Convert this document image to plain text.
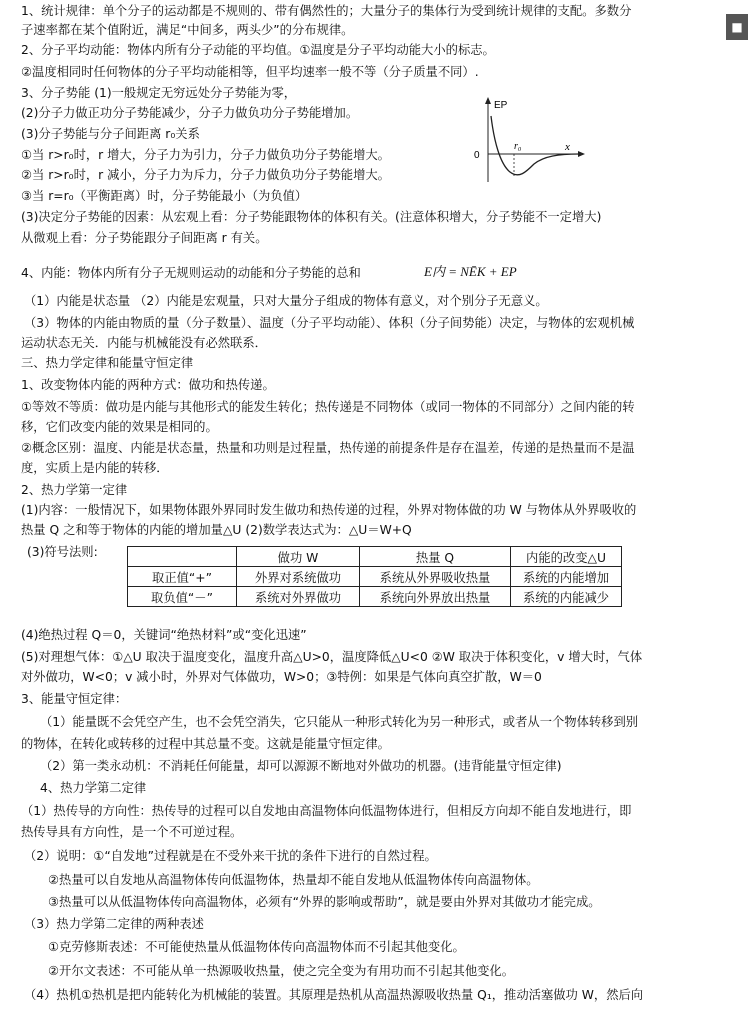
1、统计规律：单个分子的运动都是不规则的、带有偶然性的；大量分子的集体行为受到统计规律的支配。多数分
子速率都在某个值附近，满足“中间多，两头少”的分布规律。
2、分子平均动能：物体内所有分子动能的平均值。①温度是分子平均动能大小的标志。
②温度相同时任何物体的分子平均动能相等，但平均速率一般不等（分子质量不同）.
3、分子势能 (1)一般规定无穷远处分子势能为零，
(2)分子力做正功分子势能减少，分子力做负功分子势能增加。
(3)分子势能与分子间距离 r₀关系
①当 r>r₀时，r 增大，分子力为引力，分子力做负功分子势能增大。
②当 r>r₀时，r 减小，分子力为斥力，分子力做负功分子势能增大。
③当 r=r₀（平衡距离）时，分子势能最小（为负值）
(3)决定分子势能的因素：从宏观上看：分子势能跟物体的体积有关。(注意体积增大，分子势能不一定增大)
从微观上看：分子势能跟分子间距离 r 有关。
4、内能：物体内所有分子无规则运动的动能和分子势能的总和
（1）内能是状态量 （2）内能是宏观量，只对大量分子组成的物体有意义，对个别分子无意义。
（3）物体的内能由物质的量（分子数量）、温度（分子平均动能）、体积（分子间势能）决定，与物体的宏观机械
运动状态无关．内能与机械能没有必然联系．
三、热力学定律和能量守恒定律
1、改变物体内能的两种方式：做功和热传递。
①等效不等质：做功是内能与其他形式的能发生转化；热传递是不同物体（或同一物体的不同部分）之间内能的转
移，它们改变内能的效果是相同的。
②概念区别：温度、内能是状态量，热量和功则是过程量，热传递的前提条件是存在温差，传递的是热量而不是温
度，实质上是内能的转移．
2、热力学第一定律
(1)内容：一般情况下，如果物体跟外界同时发生做功和热传递的过程，外界对物体做的功 W 与物体从外界吸收的
热量 Q 之和等于物体的内能的增加量△U (2)数学表达式为：△U＝W+Q
(4)绝热过程 Q＝0，关键词“绝热材料”或“变化迅速”
(5)对理想气体：①△U 取决于温度变化，温度升高△U>0，温度降低△U<0 ②W 取决于体积变化，v 增大时，气体
对外做功，W<0；v 减小时，外界对气体做功，W>0；③特例：如果是气体向真空扩散，W＝0
3、能量守恒定律：
（1）能量既不会凭空产生，也不会凭空消失，它只能从一种形式转化为另一种形式，或者从一个物体转移到别
的物体，在转化或转移的过程中其总量不变。这就是能量守恒定律。
（2）第一类永动机：不消耗任何能量，却可以源源不断地对外做功的机器。(违背能量守恒定律)
4、热力学第二定律
（1）热传导的方向性：热传导的过程可以自发地由高温物体向低温物体进行，但相反方向却不能自发地进行，即
热传导具有方向性，是一个不可逆过程。
（2）说明：①“自发地”过程就是在不受外来干扰的条件下进行的自然过程。
②热量可以自发地从高温物体传向低温物体，热量却不能自发地从低温物体传向高温物体。
③热量可以从低温物体传向高温物体，必须有“外界的影响或帮助”，就是要由外界对其做功才能完成。
（3）热力学第二定律的两种表述
①克劳修斯表述：不可能使热量从低温物体传向高温物体而不引起其他变化。
②开尔文表述：不可能从单一热源吸收热量，使之完全变为有用功而不引起其他变化。
（4）热机①热机是把内能转化为机械能的装置。其原理是热机从高温热源吸收热量 Q₁，推动活塞做功 W，然后向
■ C
E内 = NĒK + EP
EP
x
0
r₀
(3)符号法则:
		做功 W	热量 Q	内能的改变△U
取正值“+”	外界对系统做功	系统从外界吸收热量	系统的内能增加
取负值“－”	系统对外界做功	系统向外界放出热量	系统的内能减少
